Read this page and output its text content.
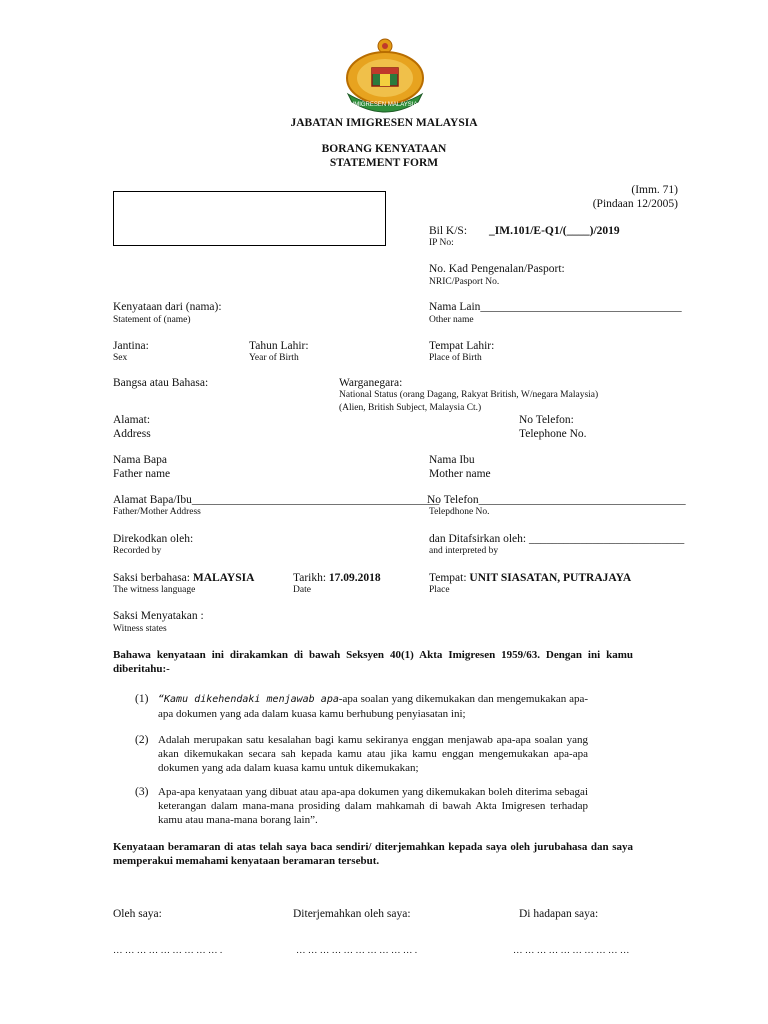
IMIGRESEN MALAYSIA
JABATAN IMIGRESEN MALAYSIA
BORANG KENYATAAN
STATEMENT FORM
(Imm. 71)
(Pindaan 12/2005)
Bil K/S: _IM.101/E-Q1/(____)/2019
IP No:
No. Kad Pengenalan/Pasport:
NRIC/Pasport No.
Kenyataan dari (nama):
Statement of (name)
Nama Lain___________________________________
Other name
Jantina:
Sex
Tahun Lahir:
Year of Birth
Tempat Lahir:
Place of Birth
Bangsa atau Bahasa:	Warganegara:
National Status (orang Dagang, Rakyat British, W/negara Malaysia)
(Alien, British Subject, Malaysia Ct.)
Alamat:
Address
No Telefon:
Telephone No.
Nama Bapa
Father name
Nama Ibu
Mother name
Alamat Bapa/Ibu___________________________________________
Father/Mother Address
No Telefon____________________________________
Telepdhone No.
Direkodkan oleh:
Recorded by
dan Ditafsirkan oleh: ___________________________
and interpreted by
Saksi berbahasa: MALAYSIA
The witness language
Tarikh: 17.09.2018
Date
Tempat: UNIT SIASATAN, PUTRAJAYA
Place
Saksi Menyatakan :
Witness states
Bahawa kenyataan ini dirakamkan di bawah Seksyen 40(1) Akta Imigresen 1959/63. Dengan ini kamu diberitahu:-
(1) “Kamu dikehendaki menjawab apa-apa soalan yang dikemukakan dan mengemukakan apa-apa dokumen yang ada dalam kuasa kamu berhubung penyiasatan ini;
(2) Adalah merupakan satu kesalahan bagi kamu sekiranya enggan menjawab apa-apa soalan yang akan dikemukakan secara sah kepada kamu atau jika kamu enggan mengemukakan apa-apa dokumen yang ada dalam kuasa kamu untuk dikemukakan;
(3) Apa-apa kenyataan yang dibuat atau apa-apa dokumen yang dikemukakan boleh diterima sebagai keterangan dalam mana-mana prosiding dalam mahkamah di bawah Akta Imigresen terhadap kamu atau mana-mana borang lain”.
Kenyataan beramaran di atas telah saya baca sendiri/ diterjemahkan kepada saya oleh jurubahasa dan saya memperakui memahami kenyataan beramaran tersebut.
Oleh saya:
… … … … … … … … … .
Diterjemahkan oleh saya:
… … … … … … … … … … .
Di hadapan saya:
… … … … … … … … … …
